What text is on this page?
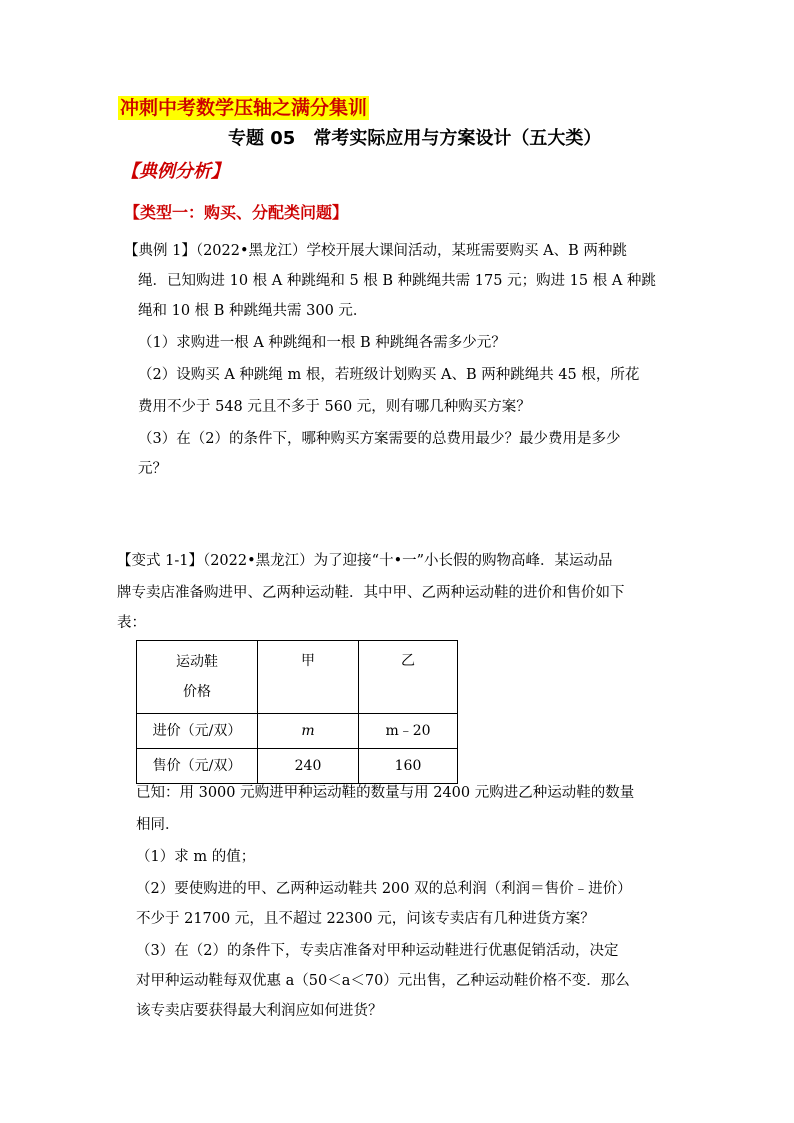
冲刺中考数学压轴之满分集训
专题 05　常考实际应用与方案设计（五大类）
【典例分析】
【类型一：购买、分配类问题】
【典例 1】（2022•黑龙江）学校开展大课间活动，某班需要购买 A、B 两种跳
绳．已知购进 10 根 A 种跳绳和 5 根 B 种跳绳共需 175 元；购进 15 根 A 种跳
绳和 10 根 B 种跳绳共需 300 元．
（1）求购进一根 A 种跳绳和一根 B 种跳绳各需多少元？
（2）设购买 A 种跳绳 m 根，若班级计划购买 A、B 两种跳绳共 45 根，所花
费用不少于 548 元且不多于 560 元，则有哪几种购买方案？
（3）在（2）的条件下，哪种购买方案需要的总费用最少？最少费用是多少
元？
【变式 1-1】（2022•黑龙江）为了迎接“十•一”小长假的购物高峰．某运动品
牌专卖店准备购进甲、乙两种运动鞋．其中甲、乙两种运动鞋的进价和售价如下
表：
运动鞋
价格	甲	乙
进价（元/双）	m	m﹣20
售价（元/双）	240	160
已知：用 3000 元购进甲种运动鞋的数量与用 2400 元购进乙种运动鞋的数量
相同．
（1）求 m 的值；
（2）要使购进的甲、乙两种运动鞋共 200 双的总利润（利润＝售价﹣进价）
不少于 21700 元，且不超过 22300 元，问该专卖店有几种进货方案？
（3）在（2）的条件下，专卖店准备对甲种运动鞋进行优惠促销活动，决定
对甲种运动鞋每双优惠 a（50＜a＜70）元出售，乙种运动鞋价格不变．那么
该专卖店要获得最大利润应如何进货？
